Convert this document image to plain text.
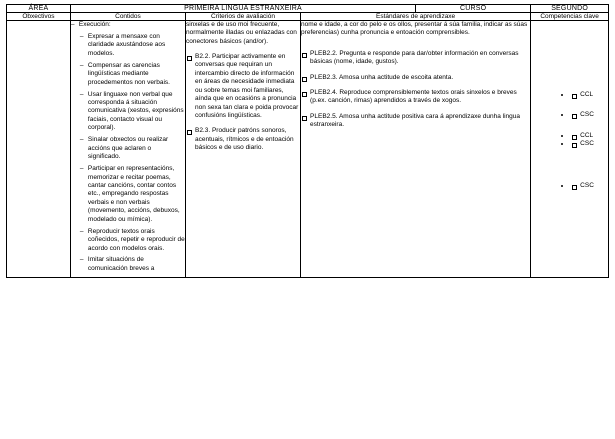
ÁREA	PRIMEIRA LINGUA ESTRANXEIRA			CURSO	SEGUNDO
Obxectivos	Contidos	Criterios de avaliación	Estándares de aprendizaxe		Competencias clave

– Execución:
– Expresar a mensaxe con claridade axustándose aos modelos.
– Compensar as carencias lingüísticas mediante procedementos non verbais.
– Usar linguaxe non verbal que corresponda á situación comunicativa (xestos, expresións faciais, contacto visual ou corporal).
– Sinalar obxectos ou realizar accións que aclaren o significado.
– Participar en representacións, memorizar e recitar poemas, cantar cancións, contar contos etc., empregando respostas verbais e non verbais (movemento, accións, debuxos, modelado ou mímica).
– Reproducir textos orais coñecidos, repetir e reproducir de acordo con modelos orais.
– Imitar situacións de comunicación breves a

sinxelas e de uso moi frecuente, normalmente illadas ou enlazadas con conectores básicos (and/or).
B2.2. Participar activamente en conversas que requiran un intercambio directo de información en áreas de necesidade inmediata ou sobre temas moi familiares, aínda que en ocasións a pronuncia non sexa tan clara e poida provocar confusións lingüísticas.
B2.3. Producir patróns sonoros, acentuais, rítmicos e de entoación básicos e de uso diario.

nome e idade, a cor do pelo e os ollos, presentar á súa familia, indicar as súas preferencias) cunha pronuncia e entoación comprensibles.
PLEB2.2. Pregunta e responde para dar/obter información en conversas básicas (nome, idade, gustos).
PLEB2.3. Amosa unha actitude de escoita atenta.
PLEB2.4. Reproduce comprensiblemente textos orais sinxelos e breves (p.ex. canción, rimas) aprendidos a través de xogos.
PLEB2.5. Amosa unha actitude positiva cara á aprendizaxe dunha lingua estranxeira.

• CCL
• CSC
• CCL
• CSC
• CSC
